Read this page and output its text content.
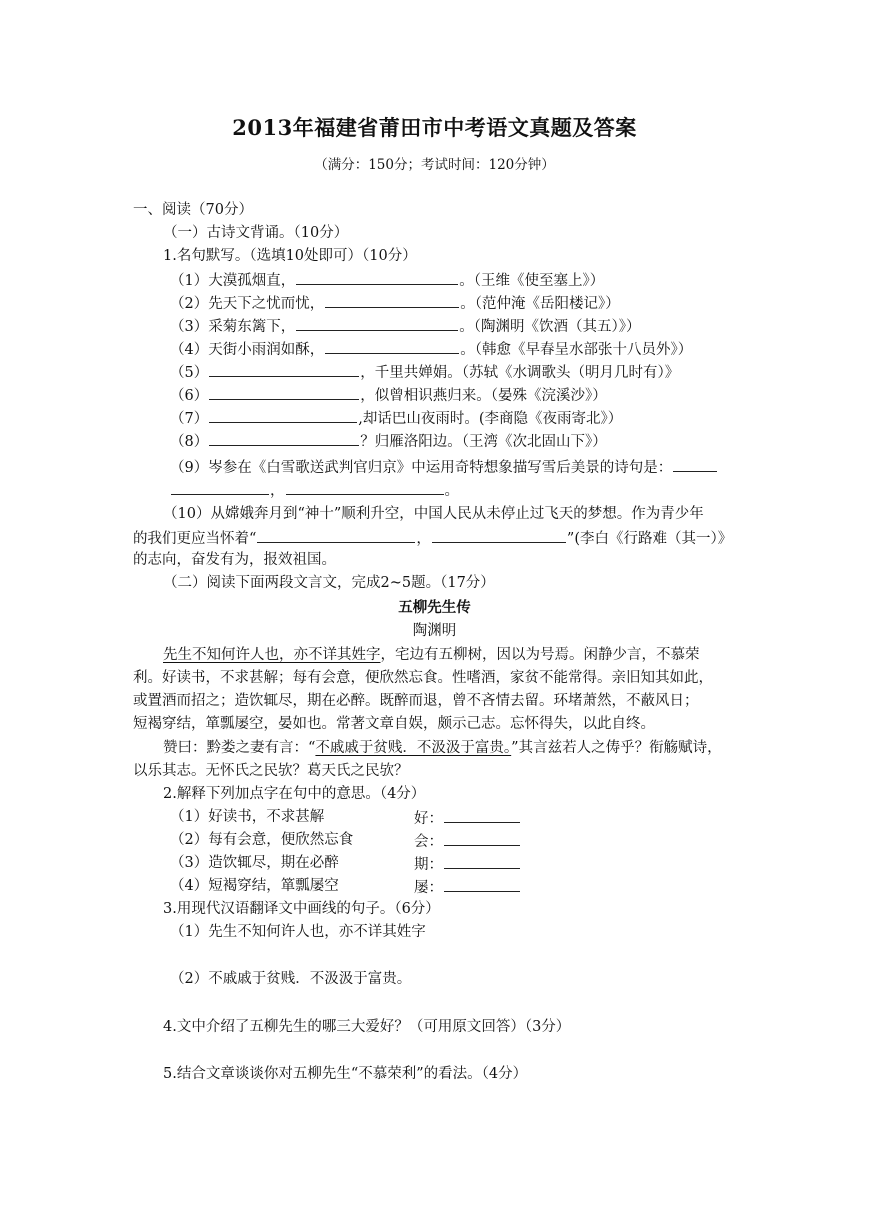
2013年福建省莆田市中考语文真题及答案
（满分：150分；考试时间：120分钟）
一、阅读（70分）
（一）古诗文背诵。（10分）
1.名句默写。（选填10处即可）（10分）
（1）大漠孤烟直，	。（王维《使至塞上》）
（2）先天下之忧而忧，	。（范仲淹《岳阳楼记》）
（3）采菊东篱下，	。（陶渊明《饮酒（其五）》）
（4）天街小雨润如酥，	。（韩愈《早春呈水部张十八员外》）
（5）	，千里共婵娟。（苏轼《水调歌头（明月几时有）》
（6）	，似曾相识燕归来。（晏殊《浣溪沙》）
（7）	,却话巴山夜雨时。(李商隐《夜雨寄北》）
（8）	？归雁洛阳边。（王湾《次北固山下》）
（9）岑参在《白雪歌送武判官归京》中运用奇特想象描写雪后美景的诗句是：
，	。
（10）从嫦娥奔月到“神十”顺利升空，中国人民从未停止过飞天的梦想。作为青少年
的我们更应当怀着“	，	”(李白《行路难（其一）》
的志向，奋发有为，报效祖国。
（二）阅读下面两段文言文，完成2~5题。（17分）
五柳先生传
陶渊明
先生不知何许人也，亦不详其姓字，宅边有五柳树，因以为号焉。闲静少言，不慕荣
利。好读书，不求甚解；每有会意，便欣然忘食。性嗜酒，家贫不能常得。亲旧知其如此，
或置酒而招之；造饮辄尽，期在必醉。既醉而退，曾不吝情去留。环堵萧然，不蔽风日；
短褐穿结，箪瓢屡空，晏如也。常著文章自娱，颇示己志。忘怀得失，以此自终。
赞曰：黔娄之妻有言：“不戚戚于贫贱．不汲汲于富贵。”其言兹若人之俦乎？衔觞赋诗，
以乐其志。无怀氏之民欤？葛天氏之民欤？
2.解释下列加点字在句中的意思。（4分）
（1）好读书，不求甚解	好：
（2）每有会意，便欣然忘食	会：
（3）造饮辄尽，期在必醉	期：
（4）短褐穿结，箪瓢屡空	屡：
3.用现代汉语翻译文中画线的句子。（6分）
（1）先生不知何许人也，亦不详其姓字
（2）不戚戚于贫贱．不汲汲于富贵。
4.文中介绍了五柳先生的哪三大爱好？（可用原文回答）（3分）
5.结合文章谈谈你对五柳先生“不慕荣利”的看法。（4分）
